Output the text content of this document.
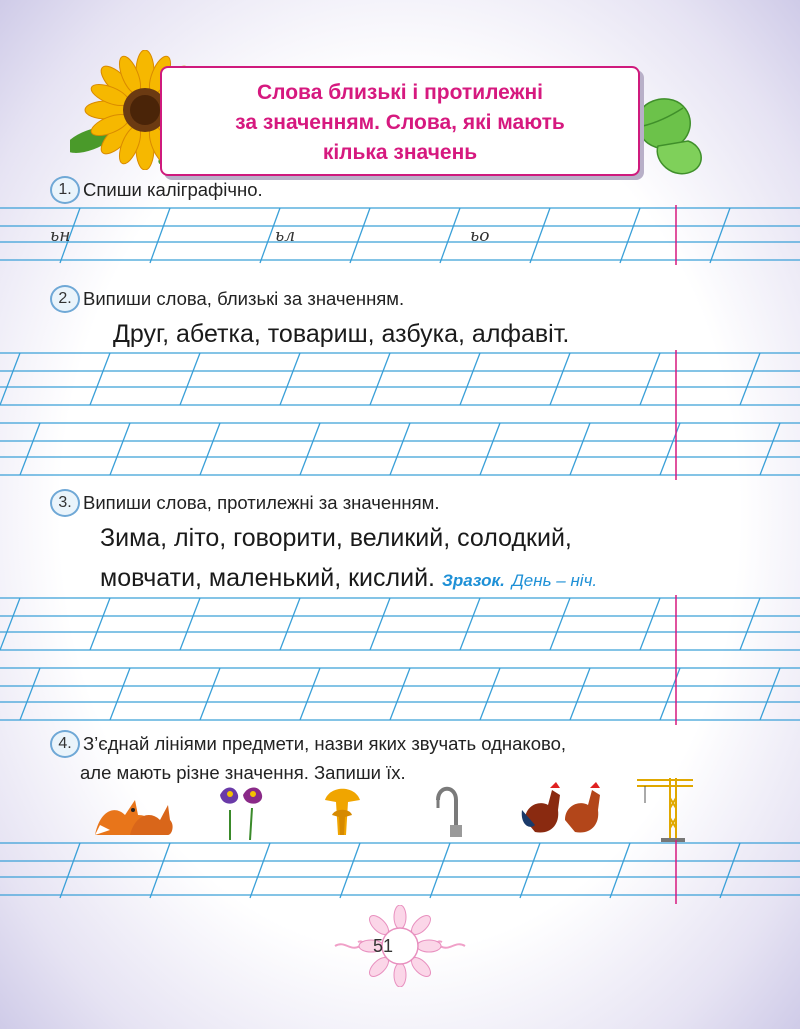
Слова близькі і протилежні
за значенням. Слова, які мають
кілька значень
1. Спиши каліграфічно.
ьн	ьл	ьо
2. Випиши слова, близькі за значенням.
Друг, абетка, товариш, азбука, алфавіт.
3. Випиши слова, протилежні за значенням.
Зима, літо, говорити, великий, солодкий,
мовчати, маленький, кислий. Зразок. День – ніч.
4. З’єднай лініями предмети, назви яких звучать однаково,
але мають різне значення. Запиши їх.
51
